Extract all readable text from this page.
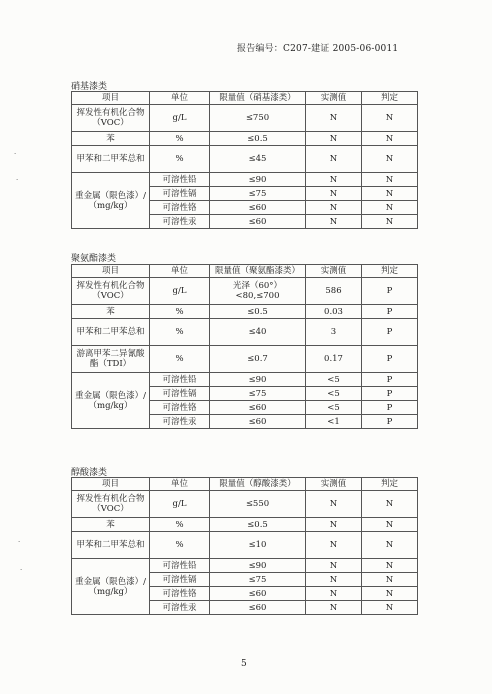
报告编号：C207-建证 2005-06-0011
·
·
·
·
硝基漆类
项目	单位	限量值（硝基漆类）	实测值	判定
挥发性有机化合物（VOC）	g/L	≤750	N	N
苯	%	≤0.5	N	N
甲苯和二甲苯总和	%	≤45	N	N
重金属（限色漆）/（mg/kg）	可溶性铅	≤90	N	N
	可溶性镉	≤75	N	N
	可溶性铬	≤60	N	N
	可溶性汞	≤60	N	N
聚氨酯漆类
项目	单位	限量值（聚氨酯漆类）	实测值	判定
挥发性有机化合物（VOC）	g/L	光泽（60°）<80,≤700	586	P
苯	%	≤0.5	0.03	P
甲苯和二甲苯总和	%	≤40	3	P
游离甲苯二异氰酸酯（TDI）	%	≤0.7	0.17	P
重金属（限色漆）/（mg/kg）	可溶性铅	≤90	<5	P
	可溶性镉	≤75	<5	P
	可溶性铬	≤60	<5	P
	可溶性汞	≤60	<1	P
醇酸漆类
项目	单位	限量值（醇酸漆类）	实测值	判定
挥发性有机化合物（VOC）	g/L	≤550	N	N
苯	%	≤0.5	N	N
甲苯和二甲苯总和	%	≤10	N	N
重金属（限色漆）/（mg/kg）	可溶性铅	≤90	N	N
	可溶性镉	≤75	N	N
	可溶性铬	≤60	N	N
	可溶性汞	≤60	N	N
5
